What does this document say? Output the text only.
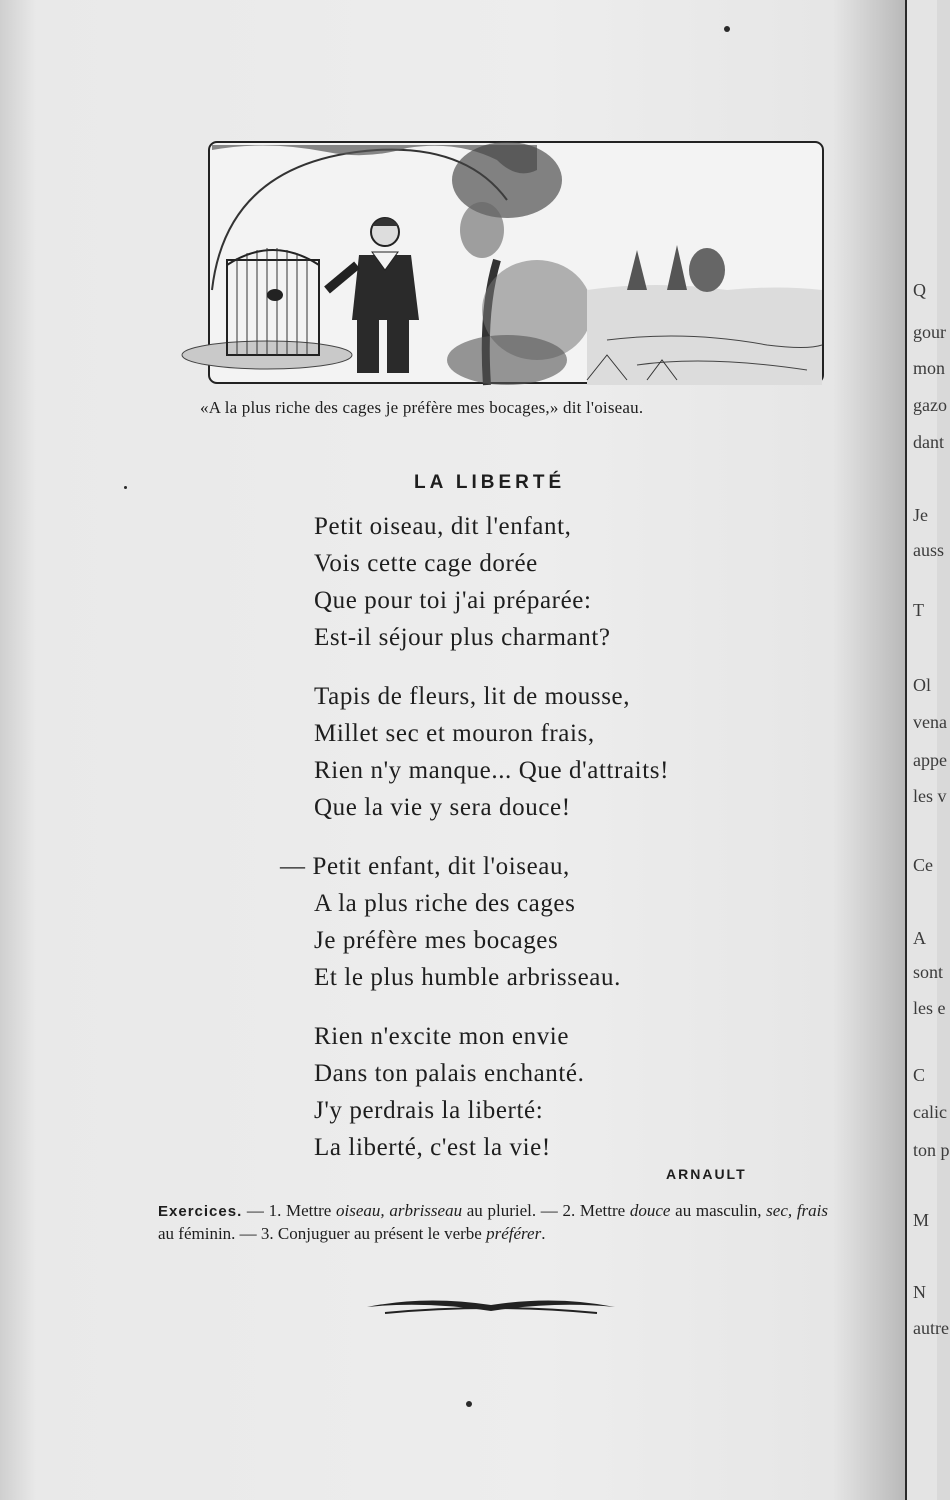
«A la plus riche des cages je préfère mes bocages,» dit l'oiseau.
LA LIBERTÉ
Petit oiseau, dit l'enfant,
Vois cette cage dorée
Que pour toi j'ai préparée:
Est-il séjour plus charmant?
Tapis de fleurs, lit de mousse,
Millet sec et mouron frais,
Rien n'y manque... Que d'attraits!
Que la vie y sera douce!
— Petit enfant, dit l'oiseau,
A la plus riche des cages
Je préfère mes bocages
Et le plus humble arbrisseau.
Rien n'excite mon envie
Dans ton palais enchanté.
J'y perdrais la liberté:
La liberté, c'est la vie!
ARNAULT
Exercices. — 1. Mettre oiseau, arbrisseau au pluriel. — 2. Mettre douce au masculin, sec, frais au féminin. — 3. Conjuguer au présent le verbe préférer.
Q
gour
mon
gazo
dant
Je
auss
T
Ol
vena
appe
les v
Ce
A
sont
les e
C
calic
ton p
M
N
autre
